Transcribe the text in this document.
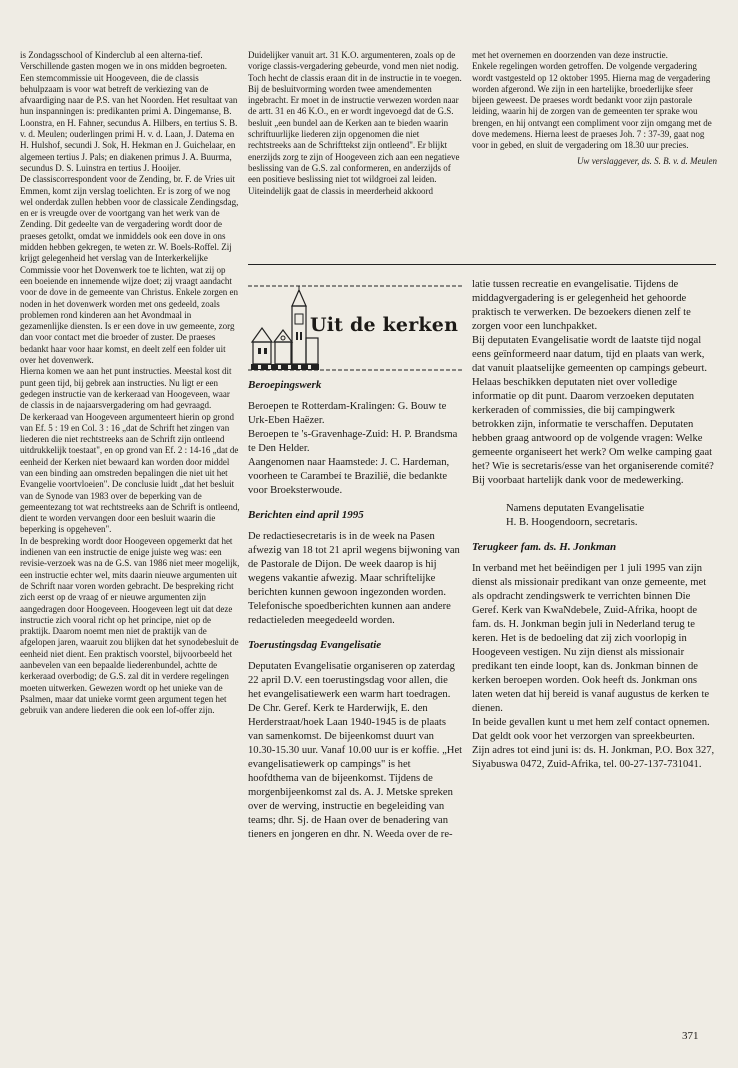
is Zondagsschool of Kinderclub al een alterna-tief.

Verschillende gasten mogen we in ons midden begroeten. Een stemcommissie uit Hoogeveen, die de classis behulpzaam is voor wat betreft de verkiezing van de afvaardiging naar de P.S. van het Noorden. Het resultaat van hun inspanningen is: predikanten primi A. Dingemanse, B. Loonstra, en H. Fahner, secundus A. Hilbers, en tertius S. B. v. d. Meulen; ouderlingen primi H. v. d. Laan, J. Datema en H. Hulshof, secundi J. Sok, H. Hekman en J. Guichelaar, en algemeen tertius J. Pals; en diakenen primus J. A. Buurma, secundus D. S. Luinstra en tertius J. Hooijer.

De classiscorrespondent voor de Zending, br. F. de Vries uit Emmen, komt zijn verslag toelichten. Er is zorg of we nog wel onderdak zullen hebben voor de classicale Zendingsdag, en er is vreugde over de voortgang van het werk van de Zending. Dit gedeelte van de vergadering wordt door de praeses getolkt, omdat we inmiddels ook een dove in ons midden hebben gekregen, te weten zr. W. Boels-Roffel. Zij krijgt gelegenheid het verslag van de Interkerkelijke Commissie voor het Dovenwerk toe te lichten, wat zij op een boeiende en innemende wijze doet; zij vraagt aandacht voor de dove in de gemeente van Christus. Enkele zorgen en noden in het dovenwerk worden met ons gedeeld, zoals problemen rond kinderen aan het Avondmaal in gezamenlijke diensten. Is er een dove in uw gemeente, zorg dan voor contact met die broeder of zuster. De praeses bedankt haar voor haar komst, en deelt zelf een folder uit over het dovenwerk.

Hierna komen we aan het punt instructies. Meestal kost dit punt geen tijd, bij gebrek aan instructies. Nu ligt er een gedegen instructie van de kerkeraad van Hoogeveen, waar de classis in de najaarsvergadering om had gevraagd.

De kerkeraad van Hoogeveen argumenteert hierin op grond van Ef. 5 : 19 en Col. 3 : 16 „dat de Schrift het zingen van liederen die niet rechtstreeks aan de Schrift zijn ontleend uitdrukkelijk toestaat", en op grond van Ef. 2 : 14-16 „dat de eenheid der Kerken niet bewaard kan worden door middel van een binding aan omstreden bepalingen die niet uit het Evangelie voortvloeien". De conclusie luidt „dat het besluit van de Synode van 1983 over de beperking van de gemeentezang tot wat rechtstreeks aan de Schrift is ontleend, dient te worden vervangen door een besluit waarin die beperking is opgeheven".

In de bespreking wordt door Hoogeveen opgemerkt dat het indienen van een instructie de enige juiste weg was: een revisie-verzoek was na de G.S. van 1986 niet meer mogelijk, een instructie echter wel, mits daarin nieuwe argumenten uit de Schrift naar voren worden gebracht. De bespreking richt zich eerst op de vraag of er nieuwe argumenten zijn aangedragen door Hoogeveen. Hoogeveen legt uit dat deze instructie zich vooral richt op het principe, niet op de praktijk. Daarom noemt men niet de praktijk van de afgelopen jaren, waaruit zou blijken dat het synodebesluit de eenheid niet dient. Een praktisch voorstel, bijvoorbeeld het aanbevelen van een bepaalde liederenbundel, achtte de kerkeraad overbodig; de G.S. zal dit in verdere regelingen moeten uitwerken. Gewezen wordt op het unieke van de Psalmen, maar dat unieke vormt geen argument tegen het gebruik van andere liederen die ook een lof-offer zijn.

Duidelijker vanuit art. 31 K.O. argumenteren, zoals op de vorige classis-vergadering gebeurde, vond men niet nodig. Toch hecht de classis eraan dit in de instructie in te voegen.

Bij de besluitvorming worden twee amendementen ingebracht. Er moet in de instructie verwezen worden naar de artt. 31 en 46 K.O., en er wordt ingevoegd dat de G.S. besluit „een bundel aan de Kerken aan te bieden waarin schriftuurlijke liederen zijn opgenomen die niet rechtstreeks aan de Schrifttekst zijn ontleend". Er blijkt enerzijds zorg te zijn of Hoogeveen zich aan een negatieve beslissing van de G.S. zal conformeren, en anderzijds of een positieve beslissing niet tot wildgroei zal leiden. Uiteindelijk gaat de classis in meerderheid akkoord

met het overnemen en doorzenden van deze instructie.

Enkele regelingen worden getroffen. De volgende vergadering wordt vastgesteld op 12 oktober 1995. Hierna mag de vergadering worden afgerond. We zijn in een hartelijke, broederlijke sfeer bijeen geweest. De praeses wordt bedankt voor zijn pastorale leiding, waarin hij de zorgen van de gemeenten ter sprake wou brengen, en hij ontvangt een compliment voor zijn omgang met de dove medemens. Hierna leest de praeses Joh. 7 : 37-39, gaat nog voor in gebed, en sluit de vergadering om 18.30 uur precies.

Uw verslaggever, ds. S. B. v. d. Meulen

Uit de kerken
Beroepingswerk

Beroepen te Rotterdam-Kralingen: G. Bouw te Urk-Eben Haëzer.

Beroepen te 's-Gravenhage-Zuid: H. P. Brandsma te Den Helder.

Aangenomen naar Haamstede: J. C. Hardeman, voorheen te Carambeí te Brazilië, die bedankte voor Broeksterwoude.

Berichten eind april 1995

De redactiesecretaris is in de week na Pasen afwezig van 18 tot 21 april wegens bijwoning van de Pastorale de Dijon. De week daarop is hij wegens vakantie afwezig. Maar schriftelijke berichten kunnen gewoon ingezonden worden. Telefonische spoedberichten kunnen aan andere redactieleden meegedeeld worden.

Toerustingsdag Evangelisatie

Deputaten Evangelisatie organiseren op zaterdag 22 april D.V. een toerustingsdag voor allen, die het evangelisatiewerk een warm hart toedragen. De Chr. Geref. Kerk te Harderwijk, E. den Herderstraat/hoek Laan 1940-1945 is de plaats van samenkomst. De bijeenkomst duurt van 10.30-15.30 uur. Vanaf 10.00 uur is er koffie. „Het evangelisatiewerk op campings" is het hoofdthema van de bijeenkomst. Tijdens de morgenbijeenkomst zal ds. A. J. Metske spreken over de werving, instructie en begeleiding van teams; dhr. Sj. de Haan over de benadering van tieners en jongeren en dhr. N. Weeda over de re-

latie tussen recreatie en evangelisatie. Tijdens de middagvergadering is er gelegenheid het gehoorde praktisch te verwerken. De bezoekers dienen zelf te zorgen voor een lunchpakket.

Bij deputaten Evangelisatie wordt de laatste tijd nogal eens geïnformeerd naar datum, tijd en plaats van werk, dat vanuit plaatselijke gemeenten op campings gebeurt. Helaas beschikken deputaten niet over volledige informatie op dit punt. Daarom verzoeken deputaten kerkeraden of commissies, die bij campingwerk betrokken zijn, informatie te verschaffen. Deputaten hebben graag antwoord op de volgende vragen: Welke gemeente organiseert het werk? Om welke camping gaat het? Wie is secretaris/esse van het organiserende comité? Bij voorbaat hartelijk dank voor de medewerking.

Namens deputaten Evangelisatie

H. B. Hoogendoorn, secretaris.

Terugkeer fam. ds. H. Jonkman

In verband met het beëindigen per 1 juli 1995 van zijn dienst als missionair predikant van onze gemeente, met als opdracht zendingswerk te verrichten binnen Die Geref. Kerk van KwaNdebele, Zuid-Afrika, hoopt de fam. ds. H. Jonkman begin juli in Nederland terug te keren. Het is de bedoeling dat zij zich voorlopig in Hoogeveen vestigen. Nu zijn dienst als missionair predikant ten einde loopt, kan ds. Jonkman binnen de kerken beroepen worden. Ook heeft ds. Jonkman ons laten weten dat hij bereid is vanaf augustus de kerken te dienen.

In beide gevallen kunt u met hem zelf contact opnemen. Dat geldt ook voor het verzorgen van spreekbeurten.

Zijn adres tot eind juni is: ds. H. Jonkman, P.O. Box 327, Siyabuswa 0472, Zuid-Afrika, tel. 00-27-137-731041.

371
